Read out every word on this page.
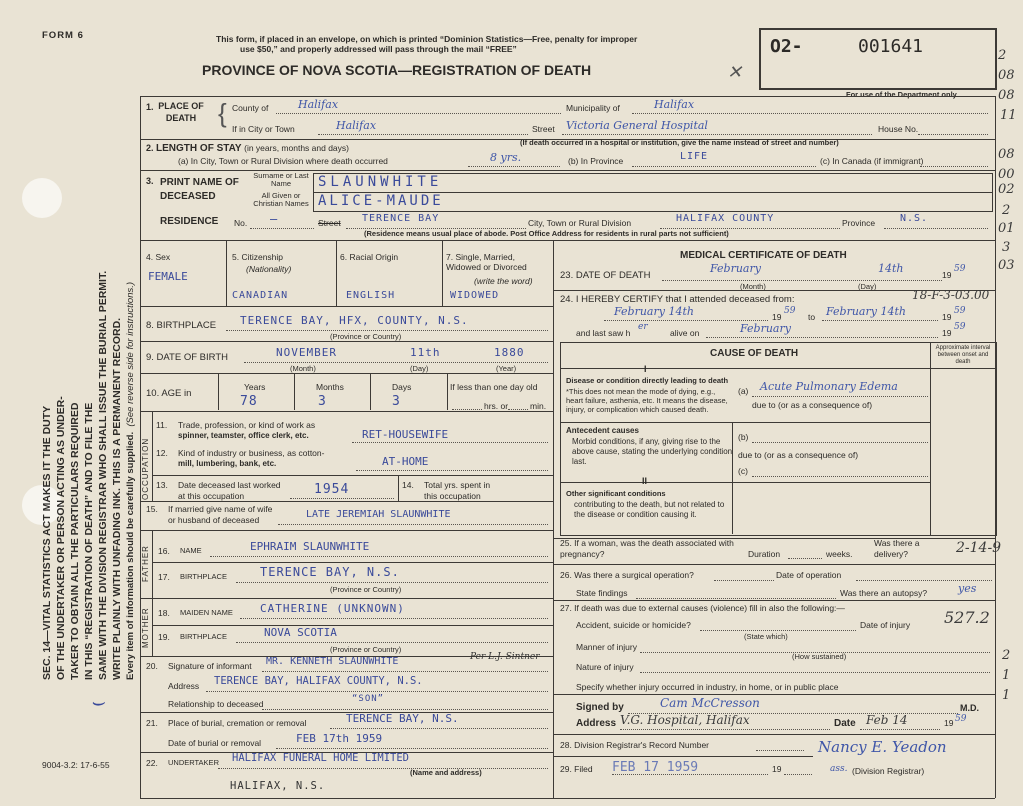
SEC. 14—VITAL STATISTICS ACT MAKES IT THE DUTY OF THE UNDERTAKER OR PERSON ACTING AS UNDER- TAKER TO OBTAIN ALL THE PARTICULARS REQUIRED IN THIS “REGISTRATION OF DEATH” AND TO FILE THE SAME WITH THE DIVISION REGISTRAR WHO SHALL ISSUE THE BURIAL PERMIT. WRITE PLAINLY WITH UNFADING INK. THIS IS A PERMANENT RECORD. Every item of information should be carefully supplied.  (See reverse side for instructions.)
⌣
9004-3.2: 17-6-55
FORM 6	This form, if placed in an envelope, on which is printed “Dominion Statistics—Free, penalty for improper
use $50,” and properly addressed will pass through the mail “FREE”
PROVINCE OF NOVA SCOTIA—REGISTRATION OF DEATH
O2-	001641
For use of the Department only
✕
2
08
08
11
08
00
02
2
01
3
03
2
1
1
1. PLACE OF DEATH { County of	Halifax	Municipality of	Halifax
If in City or Town	Halifax	Street Victoria General Hospital	House No.
2. LENGTH OF STAY (in years, months and days)
(If death occurred in a hospital or institution, give the name instead of street and number)
(a) In City, Town or Rural Division where death occurred	8 yrs.	(b) In Province	LIFE	(c) In Canada (if immigrant)
3. PRINT NAME OF DECEASED
Surname or Last Name
All Given or Christian Names
SLAUNWHITE
ALICE-MAUDE
RESIDENCE No. —	Street TERENCE BAY	City, Town or Rural Division	HALIFAX COUNTY	Province N.S.
(Residence means usual place of abode. Post Office Address for residents in rural parts not sufficient)
4. Sex
FEMALE
5. Citizenship
(Nationality)
CANADIAN
6. Racial Origin
ENGLISH
7. Single, Married, Widowed or Divorced
(write the word)
WIDOWED
8. BIRTHPLACE TERENCE BAY, HFX, COUNTY, N.S.
(Province or Country)
9. DATE OF BIRTH	NOVEMBER	11th	1880
(Month)	(Day)	(Year)
10. AGE in
Years	Months	Days
78	3	3
If less than one day old
hrs. or	min.
OCCUPATION
11. Trade, profession, or kind of work as
spinner, teamster, office clerk, etc.	RET-HOUSEWIFE
12. Kind of industry or business, as cotton-
mill, lumbering, bank, etc.	AT-HOME
13. Date deceased last worked
at this occupation	1954	14. Total yrs. spent in
this occupation
15. If married give name of wife
or husband of deceased	LATE JEREMIAH SLAUNWHITE
FATHER 16. NAME	EPHRAIM SLAUNWHITE
17. BIRTHPLACE	TERENCE BAY, N.S.
(Province or Country)
MOTHER 18. MAIDEN NAME CATHERINE (UNKNOWN)
19. BIRTHPLACE	NOVA SCOTIA
(Province or Country)
20. Signature of informant MR. KENNETH SLAUNWHITE	Per L.J. Sintner
Address TERENCE BAY, HALIFAX COUNTY, N.S.
Relationship to deceased	“SON”
21. Place of burial, cremation or removal	TERENCE BAY, N.S.
Date of burial or removal	FEB 17th 1959
22. UNDERTAKER HALIFAX FUNERAL HOME LIMITED
(Name and address)
HALIFAX, N.S.
MEDICAL CERTIFICATE OF DEATH
23. DATE OF DEATH
February	14th	19
59
(Month)	(Day)
24. I HEREBY CERTIFY that I attended deceased from:	18-F-3-03.00
February 14th	19
59
to February 14th	19
59
and last saw h
er
alive on	February	19
59
CAUSE OF DEATH	Approximate interval between onset and death
I
Disease or condition directly leading to death
*This does not mean the mode of dying, e.g., heart failure, asthenia, etc. It means the disease, injury, or complication which caused death.
(a) Acute Pulmonary Edema
due to (or as a consequence of)
Antecedent causes
Morbid conditions, if any, giving rise to the above cause, stating the underlying condition last.
(b)
due to (or as a consequence of)
(c)
II
Other significant conditions
contributing to the death, but not related to the disease or condition causing it.
25. If a woman, was the death associated with pregnancy?	Duration	weeks.
Was there a delivery?	2-14-9
26. Was there a surgical operation?	Date of operation
State findings	Was there an autopsy?	yes
27. If death was due to external causes (violence) fill in also the following:—
Accident, suicide or homicide?
(State which)
Date of injury 527.2
Manner of injury
(How sustained)
Nature of injury
Specify whether injury occurred in industry, in home, or in public place
Signed by	Cam McCresson	M.D.
Address V.G. Hospital, Halifax	Date Feb 14	19 59
28. Division Registrar's Record Number	Nancy E. Yeadon
29. Filed FEB 17 1959	19	ass. (Division Registrar)
